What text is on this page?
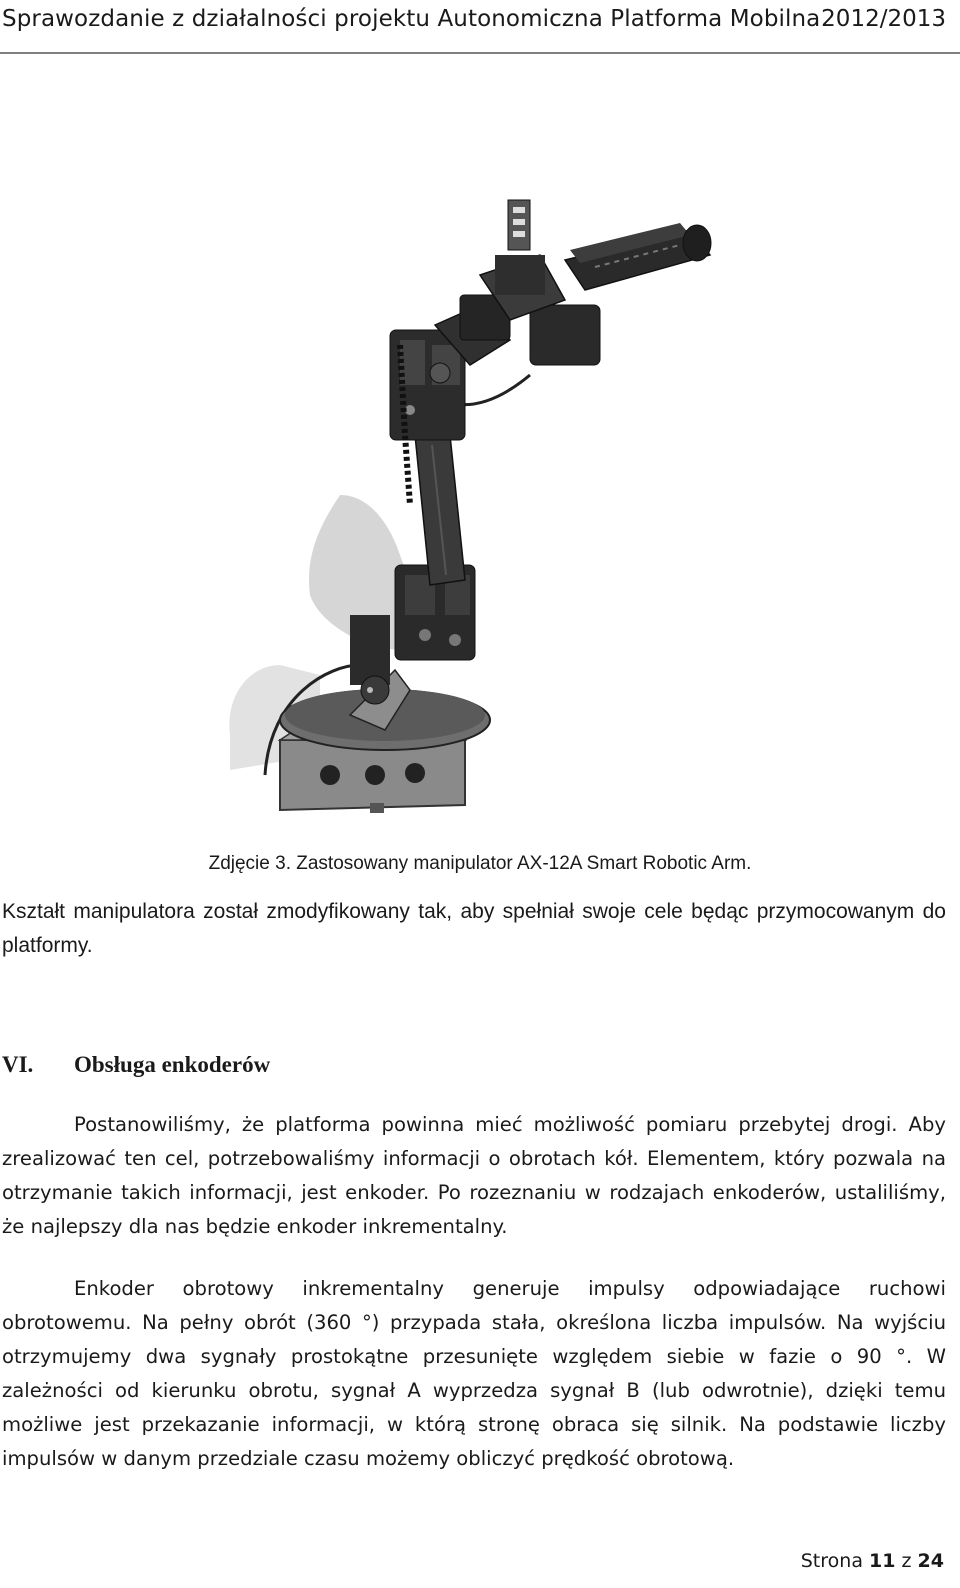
Sprawozdanie z działalności projektu Autonomiczna Platforma Mobilna 2012/2013
Zdjęcie 3. Zastosowany manipulator AX-12A Smart Robotic Arm.
Kształt manipulatora został zmodyfikowany tak, aby spełniał swoje cele będąc przymocowanym do platformy.
VI. Obsługa enkoderów
Postanowiliśmy, że platforma powinna mieć możliwość pomiaru przebytej drogi. Aby zrealizować ten cel, potrzebowaliśmy informacji o obrotach kół. Elementem, który pozwala na otrzymanie takich informacji, jest enkoder. Po rozeznaniu w rodzajach enkoderów, ustaliliśmy, że najlepszy dla nas będzie enkoder inkrementalny.
Enkoder obrotowy inkrementalny generuje impulsy odpowiadające ruchowi obrotowemu. Na pełny obrót (360 °) przypada stała, określona liczba impulsów. Na wyjściu otrzymujemy dwa sygnały prostokątne przesunięte względem siebie w fazie o 90 °. W zależności od kierunku obrotu, sygnał A wyprzedza sygnał B (lub odwrotnie), dzięki temu możliwe jest przekazanie informacji, w którą stronę obraca się silnik. Na podstawie liczby impulsów w danym przedziale czasu możemy obliczyć prędkość obrotową.
Strona 11 z 24
